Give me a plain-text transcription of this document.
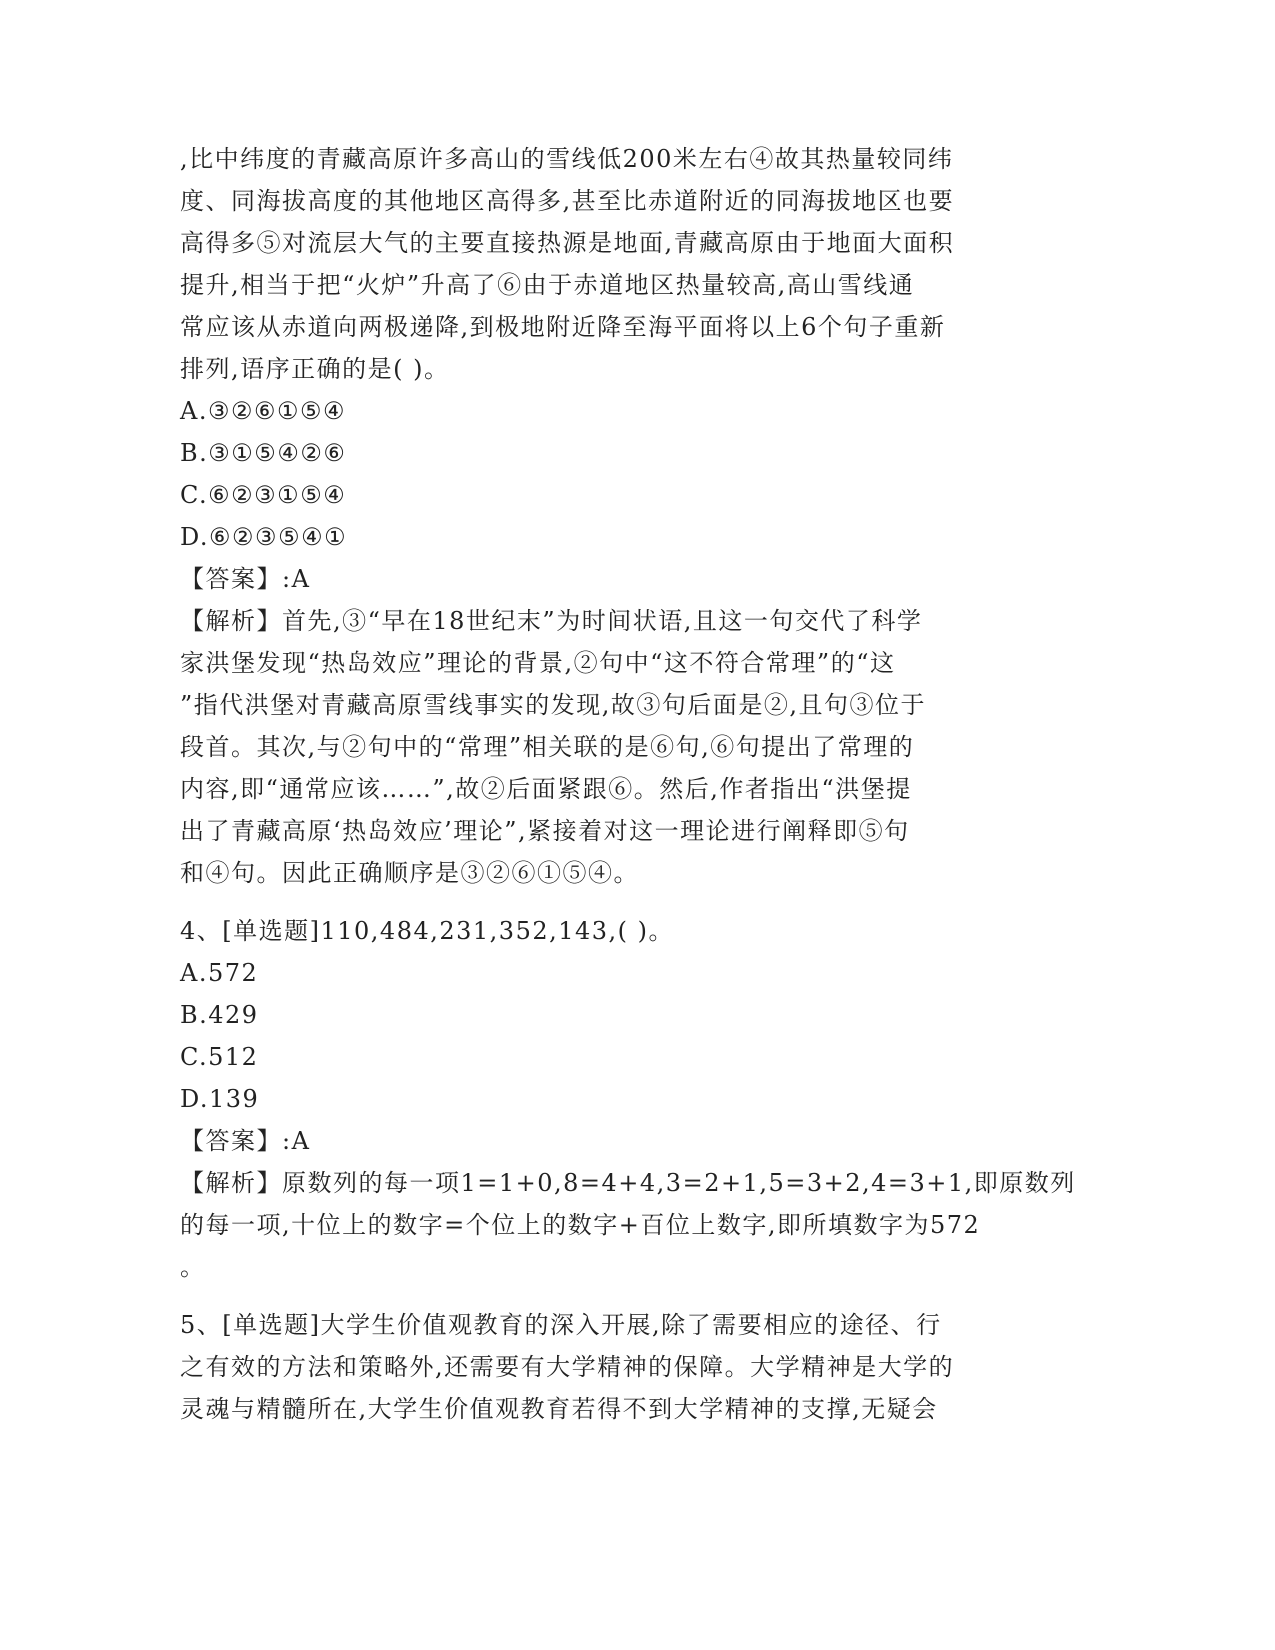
,比中纬度的青藏高原许多高山的雪线低200米左右④故其热量较同纬
度、同海拔高度的其他地区高得多,甚至比赤道附近的同海拔地区也要
高得多⑤对流层大气的主要直接热源是地面,青藏高原由于地面大面积
提升,相当于把“火炉”升高了⑥由于赤道地区热量较高,高山雪线通
常应该从赤道向两极递降,到极地附近降至海平面将以上6个句子重新
排列,语序正确的是( )。
A.③②⑥①⑤④
B.③①⑤④②⑥
C.⑥②③①⑤④
D.⑥②③⑤④①
【答案】:A
【解析】首先,③“早在18世纪末”为时间状语,且这一句交代了科学
家洪堡发现“热岛效应”理论的背景,②句中“这不符合常理”的“这
”指代洪堡对青藏高原雪线事实的发现,故③句后面是②,且句③位于
段首。其次,与②句中的“常理”相关联的是⑥句,⑥句提出了常理的
内容,即“通常应该……”,故②后面紧跟⑥。然后,作者指出“洪堡提
出了青藏高原‘热岛效应’理论”,紧接着对这一理论进行阐释即⑤句
和④句。因此正确顺序是③②⑥①⑤④。
4、[单选题]110,484,231,352,143,( )。
A.572
B.429
C.512
D.139
【答案】:A
【解析】原数列的每一项1=1+0,8=4+4,3=2+1,5=3+2,4=3+1,即原数列
的每一项,十位上的数字=个位上的数字+百位上数字,即所填数字为572
。
5、[单选题]大学生价值观教育的深入开展,除了需要相应的途径、行
之有效的方法和策略外,还需要有大学精神的保障。大学精神是大学的
灵魂与精髓所在,大学生价值观教育若得不到大学精神的支撑,无疑会
